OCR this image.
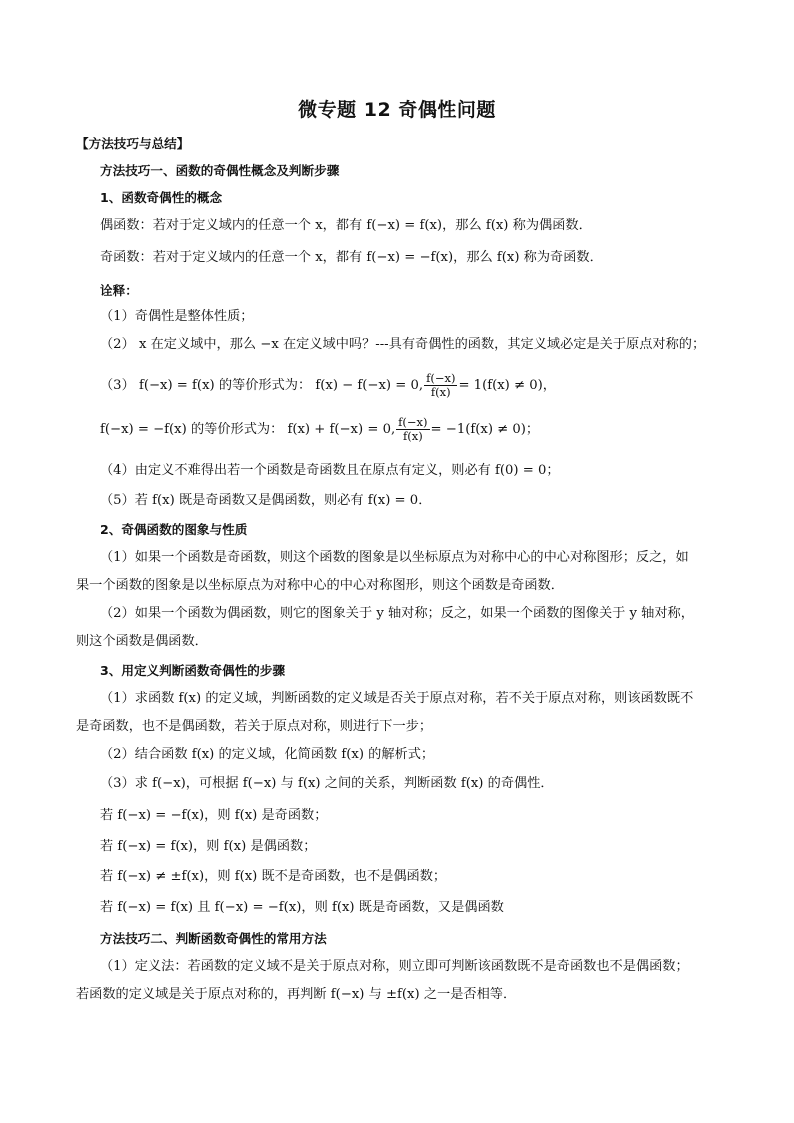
微专题 12 奇偶性问题
【方法技巧与总结】
方法技巧一、函数的奇偶性概念及判断步骤
1、函数奇偶性的概念
偶函数：若对于定义域内的任意一个 x，都有 f(−x) = f(x)，那么 f(x) 称为偶函数．
奇函数：若对于定义域内的任意一个 x，都有 f(−x) = −f(x)，那么 f(x) 称为奇函数．
诠释：
（1）奇偶性是整体性质；
（2） x 在定义域中，那么 −x 在定义域中吗？---具有奇偶性的函数，其定义域必定是关于原点对称的；
（3） f(−x) = f(x) 的等价形式为： f(x) − f(−x) = 0, $\frac{f(-x)}{f(x)} = 1(f(x) \ne 0)$，
f(−x) = −f(x) 的等价形式为： f(x) + f(−x) = 0, $\frac{f(-x)}{f(x)} = -1(f(x) \ne 0)$；
（4）由定义不难得出若一个函数是奇函数且在原点有定义，则必有 f(0) = 0；
（5）若 f(x) 既是奇函数又是偶函数，则必有 f(x) = 0．
2、奇偶函数的图象与性质
（1）如果一个函数是奇函数，则这个函数的图象是以坐标原点为对称中心的中心对称图形；反之，如
果一个函数的图象是以坐标原点为对称中心的中心对称图形，则这个函数是奇函数．
（2）如果一个函数为偶函数，则它的图象关于 y 轴对称；反之，如果一个函数的图像关于 y 轴对称，
则这个函数是偶函数．
3、用定义判断函数奇偶性的步骤
（1）求函数 f(x) 的定义域，判断函数的定义域是否关于原点对称，若不关于原点对称，则该函数既不
是奇函数，也不是偶函数，若关于原点对称，则进行下一步；
（2）结合函数 f(x) 的定义域，化简函数 f(x) 的解析式；
（3）求 f(−x)，可根据 f(−x) 与 f(x) 之间的关系，判断函数 f(x) 的奇偶性．
若 f(−x) = −f(x)，则 f(x) 是奇函数；
若 f(−x) = f(x)，则 f(x) 是偶函数；
若 f(−x) ≠ ±f(x)，则 f(x) 既不是奇函数，也不是偶函数；
若 f(−x) = f(x) 且 f(−x) = −f(x)，则 f(x) 既是奇函数，又是偶函数
方法技巧二、判断函数奇偶性的常用方法
（1）定义法：若函数的定义域不是关于原点对称，则立即可判断该函数既不是奇函数也不是偶函数；
若函数的定义域是关于原点对称的，再判断 f(−x) 与 ±f(x) 之一是否相等．
